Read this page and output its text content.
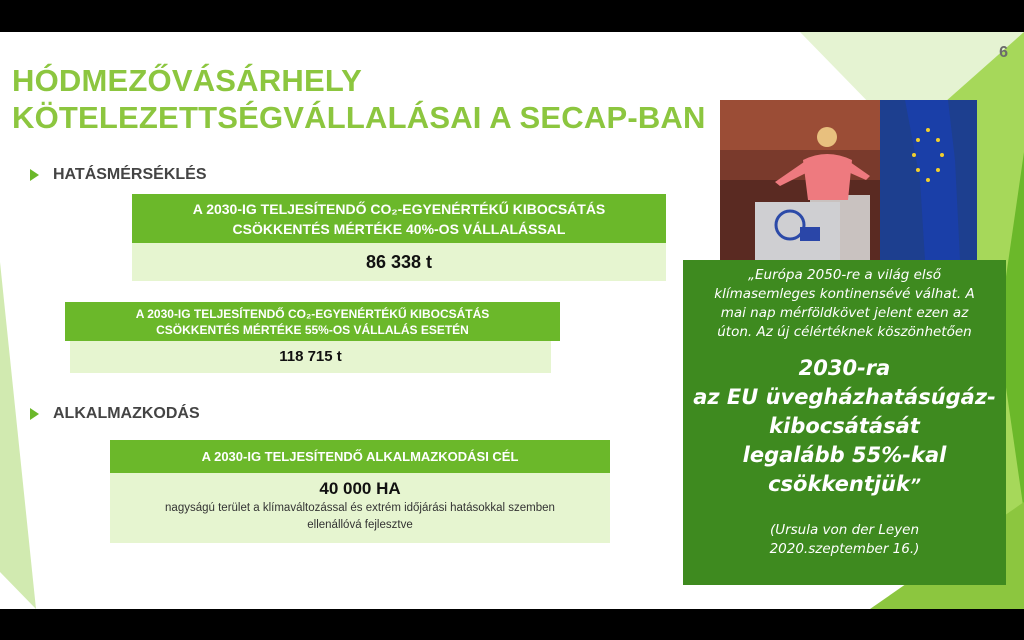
6
HÓDMEZŐVÁSÁRHELY
KÖTELEZETTSÉGVÁLLALÁSAI A SECAP-BAN
HATÁSMÉRSÉKLÉS
A 2030-IG TELJESÍTENDŐ CO₂-EGYENÉRTÉKŰ KIBOCSÁTÁS
CSÖKKENTÉS MÉRTÉKE 40%-OS VÁLLALÁSSAL
86 338 t
A 2030-IG TELJESÍTENDŐ CO₂-EGYENÉRTÉKŰ KIBOCSÁTÁS
CSÖKKENTÉS MÉRTÉKE 55%-OS VÁLLALÁS ESETÉN
118 715 t
ALKALMAZKODÁS
A 2030-IG TELJESÍTENDŐ ALKALMAZKODÁSI CÉL
40 000 HA
nagyságú terület a klímaváltozással és extrém időjárási hatásokkal szemben
ellenállóvá fejlesztve
„Európa 2050-re a világ első
klímasemleges kontinensévé válhat. A
mai nap mérföldkövet jelent ezen az
úton. Az új célértéknek köszönhetően
2030-ra
az EU üvegházhatásúgáz-
kibocsátását
legalább 55%-kal
csökkentjük”
(Ursula von der Leyen
2020.szeptember 16.)
